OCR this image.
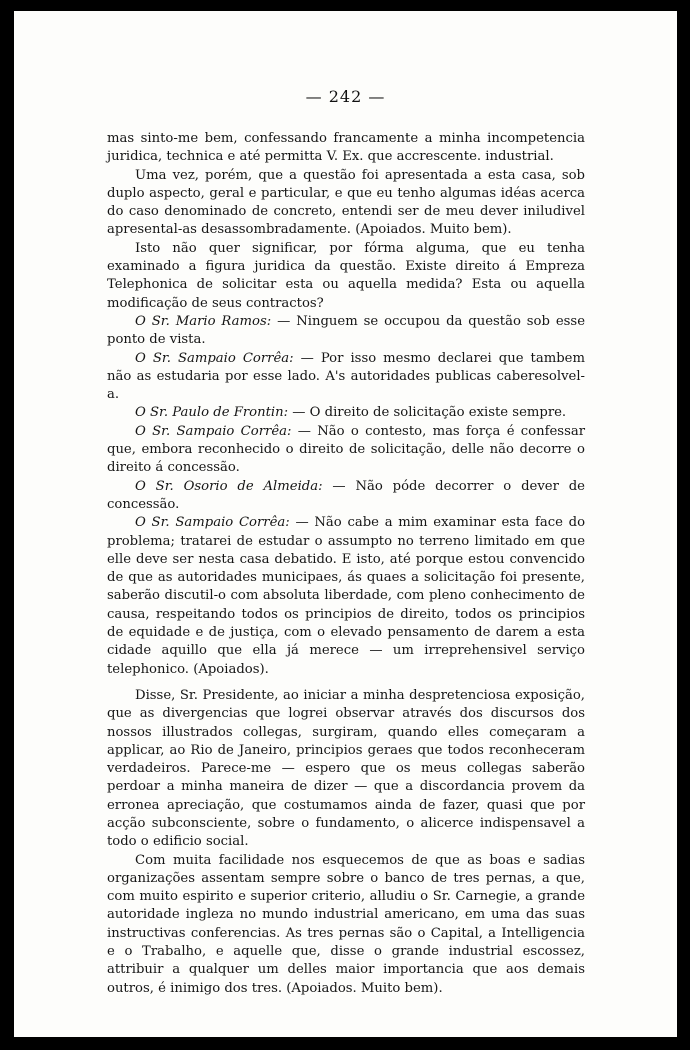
— 242 —

mas sinto-me bem, confessando francamente a minha incompetencia juridica, technica e até permitta V. Ex. que accrescente. industrial.

Uma vez, porém, que a questão foi apresentada a esta casa, sob duplo aspecto, geral e particular, e que eu tenho algumas idéas acerca do caso denominado de concreto, entendi ser de meu dever iniludivel apresental-as desassombradamente. (Apoiados. Muito bem).

Isto não quer significar, por fórma alguma, que eu tenha examinado a figura juridica da questão. Existe direito á Empreza Telephonica de solicitar esta ou aquella medida? Esta ou aquella modificação de seus contractos?

O Sr. Mario Ramos: — Ninguem se occupou da questão sob esse ponto de vista.

O Sr. Sampaio Corrêa: — Por isso mesmo declarei que tambem não as estudaria por esse lado. A's autoridades publicas caberesolvel-a.

O Sr. Paulo de Frontin: — O direito de solicitação existe sempre.

O Sr. Sampaio Corrêa: — Não o contesto, mas força é confessar que, embora reconhecido o direito de solicitação, delle não decorre o direito á concessão.

O Sr. Osorio de Almeida: — Não póde decorrer o dever de concessão.

O Sr. Sampaio Corrêa: — Não cabe a mim examinar esta face do problema; tratarei de estudar o assumpto no terreno limitado em que elle deve ser nesta casa debatido. E isto, até porque estou convencido de que as autoridades municipaes, ás quaes a solicitação foi presente, saberão discutil-o com absoluta liberdade, com pleno conhecimento de causa, respeitando todos os principios de direito, todos os principios de equidade e de justiça, com o elevado pensamento de darem a esta cidade aquillo que ella já merece — um irreprehensivel serviço telephonico. (Apoiados).

Disse, Sr. Presidente, ao iniciar a minha despretenciosa exposição, que as divergencias que logrei observar através dos discursos dos nossos illustrados collegas, surgiram, quando elles começaram a applicar, ao Rio de Janeiro, principios geraes que todos reconheceram verdadeiros. Parece-me — espero que os meus collegas saberão perdoar a minha maneira de dizer — que a discordancia provem da erronea apreciação, que costumamos ainda de fazer, quasi que por acção subconsciente, sobre o fundamento, o alicerce indispensavel a todo o edificio social.

Com muita facilidade nos esquecemos de que as boas e sadias organizações assentam sempre sobre o banco de tres pernas, a que, com muito espirito e superior criterio, alludiu o Sr. Carnegie, a grande autoridade ingleza no mundo industrial americano, em uma das suas instructivas conferencias. As tres pernas são o Capital, a Intelligencia e o Trabalho, e aquelle que, disse o grande industrial escossez, attribuir a qualquer um delles maior importancia que aos demais outros, é inimigo dos tres. (Apoiados. Muito bem).
